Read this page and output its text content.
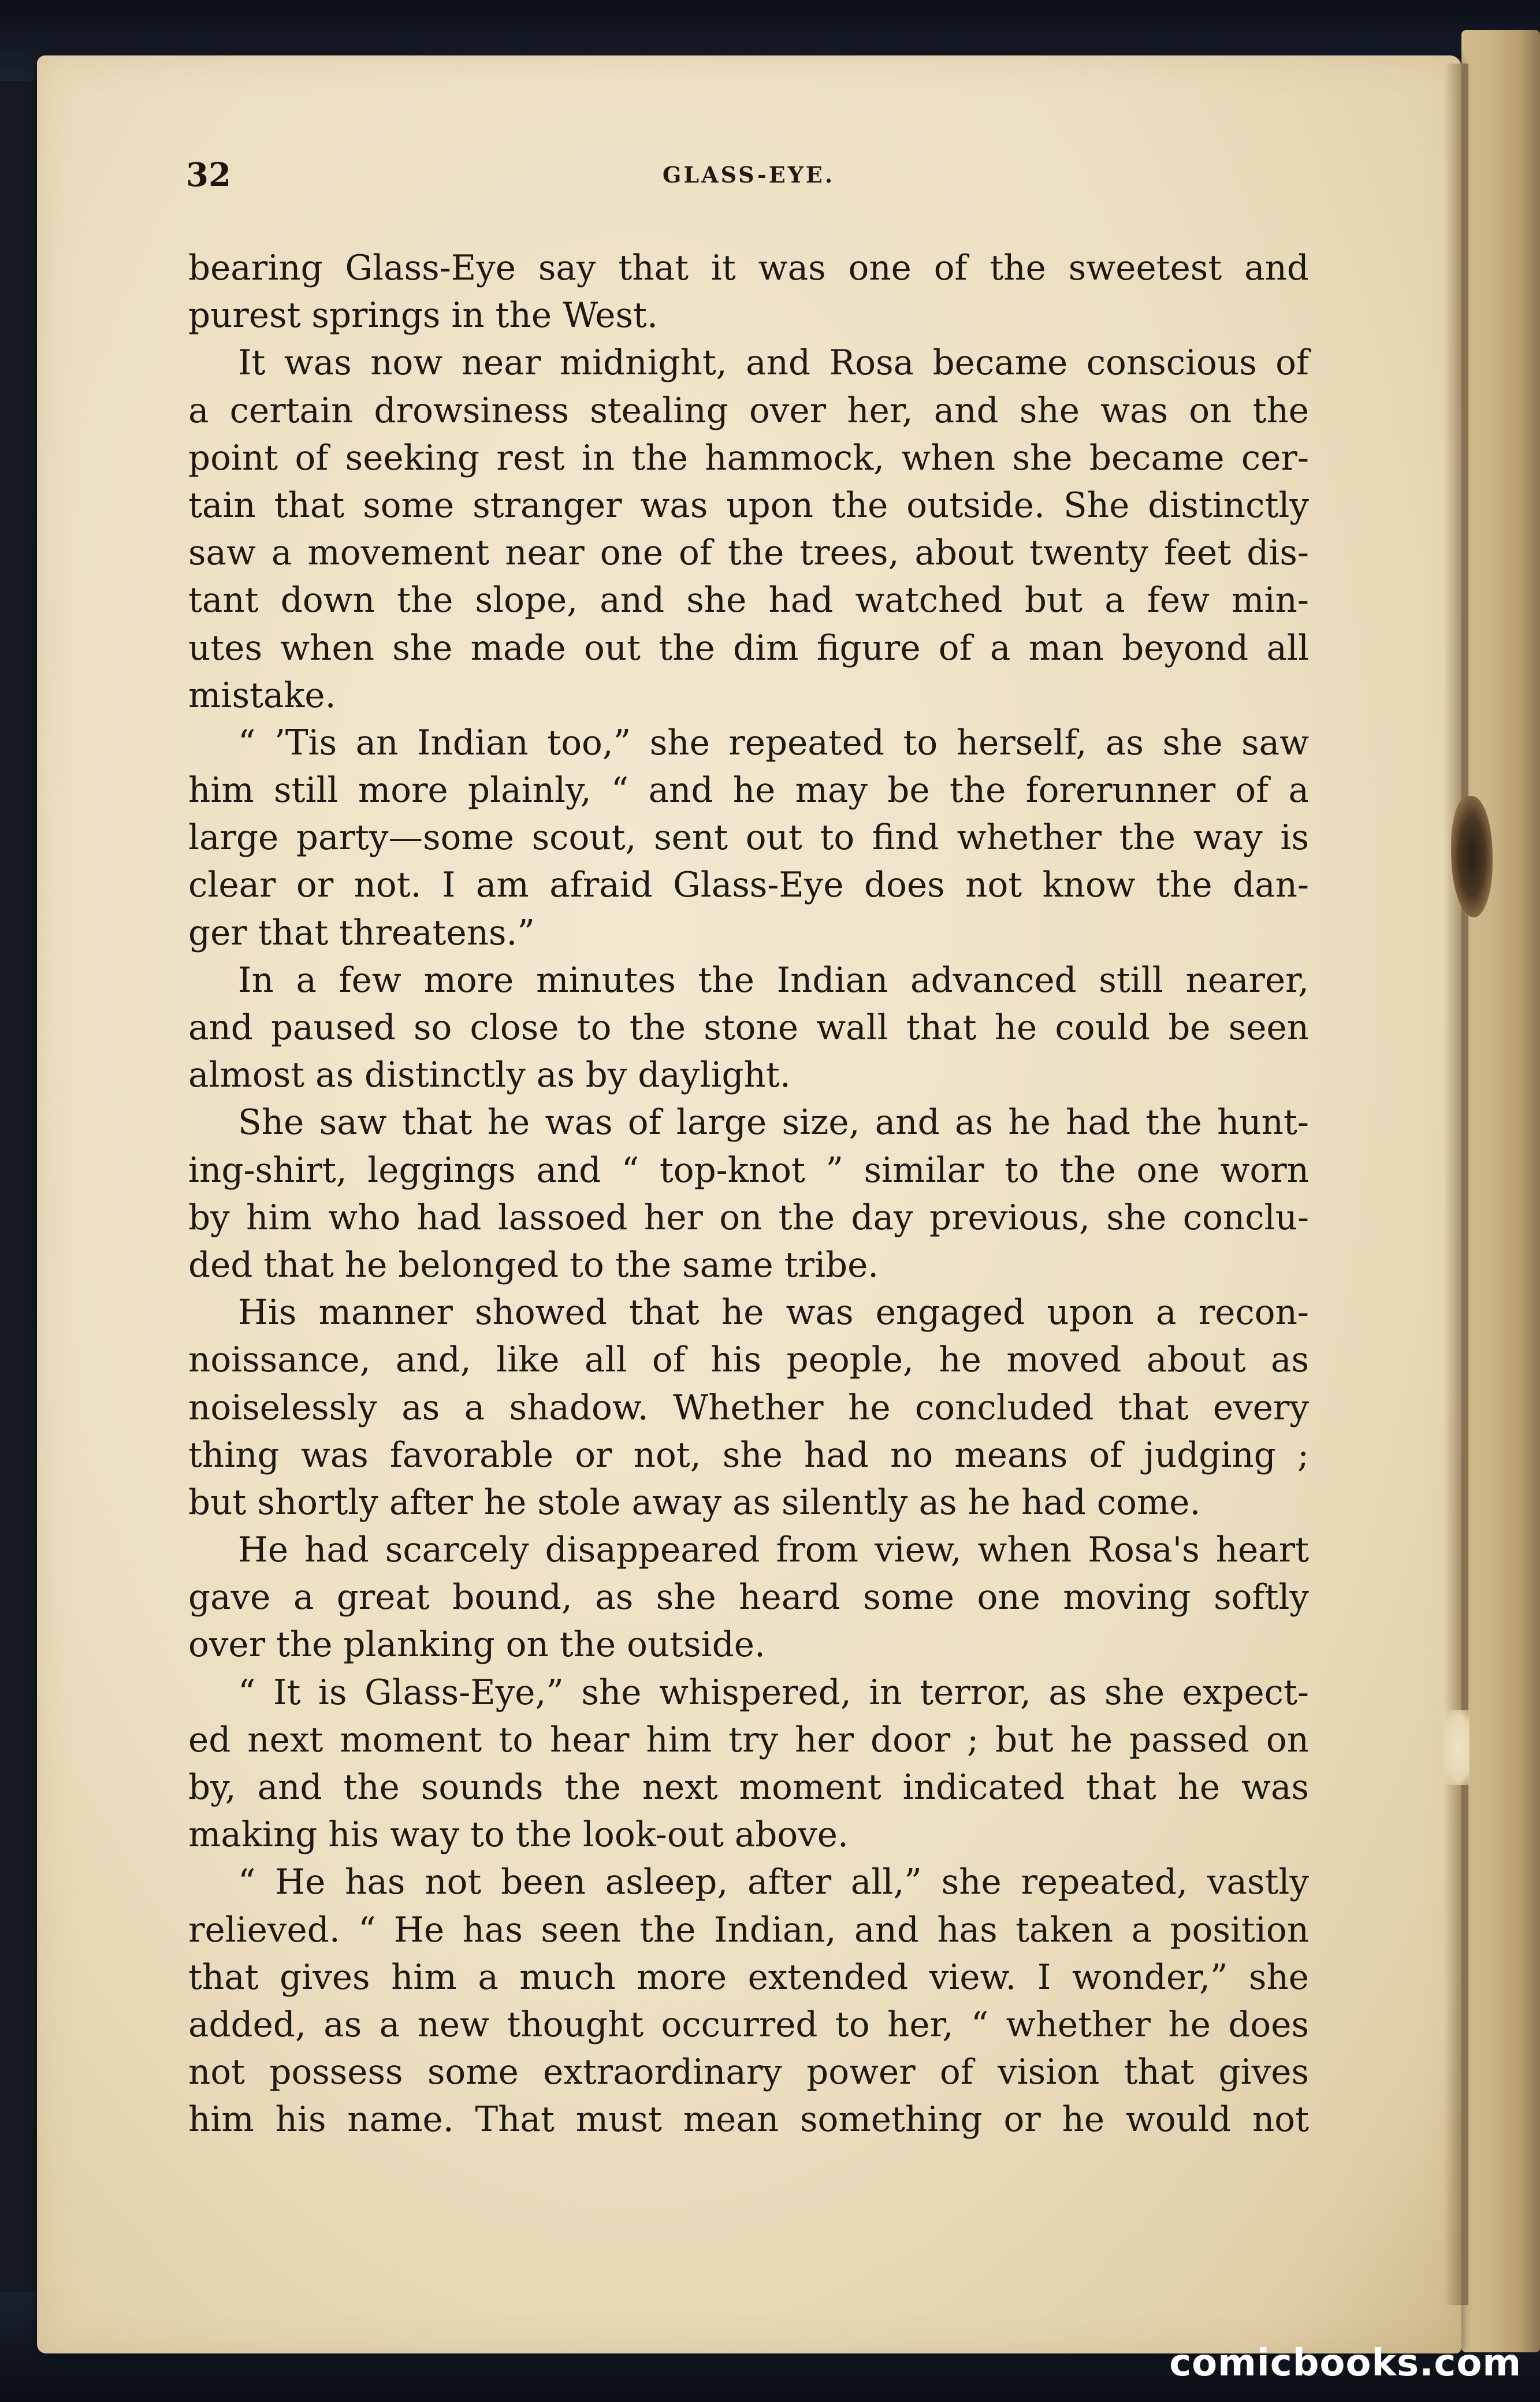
32	GLASS-EYE.
bearing Glass-Eye say that it was one of the sweetest and
purest springs in the West.
It was now near midnight, and Rosa became conscious of
a certain drowsiness stealing over her, and she was on the
point of seeking rest in the hammock, when she became cer-
tain that some stranger was upon the outside. She distinctly
saw a movement near one of the trees, about twenty feet dis-
tant down the slope, and she had watched but a few min-
utes when she made out the dim figure of a man beyond all
mistake.
“ ’Tis an Indian too,” she repeated to herself, as she saw
him still more plainly, “ and he may be the forerunner of a
large party—some scout, sent out to find whether the way is
clear or not. I am afraid Glass-Eye does not know the dan-
ger that threatens.”
In a few more minutes the Indian advanced still nearer,
and paused so close to the stone wall that he could be seen
almost as distinctly as by daylight.
She saw that he was of large size, and as he had the hunt-
ing-shirt, leggings and “ top-knot ” similar to the one worn
by him who had lassoed her on the day previous, she conclu-
ded that he belonged to the same tribe.
His manner showed that he was engaged upon a recon-
noissance, and, like all of his people, he moved about as
noiselessly as a shadow. Whether he concluded that every
thing was favorable or not, she had no means of judging ;
but shortly after he stole away as silently as he had come.
He had scarcely disappeared from view, when Rosa's heart
gave a great bound, as she heard some one moving softly
over the planking on the outside.
“ It is Glass-Eye,” she whispered, in terror, as she expect-
ed next moment to hear him try her door ; but he passed on
by, and the sounds the next moment indicated that he was
making his way to the look-out above.
“ He has not been asleep, after all,” she repeated, vastly
relieved. “ He has seen the Indian, and has taken a position
that gives him a much more extended view. I wonder,” she
added, as a new thought occurred to her, “ whether he does
not possess some extraordinary power of vision that gives
him his name. That must mean something or he would not
comicbooks.com
